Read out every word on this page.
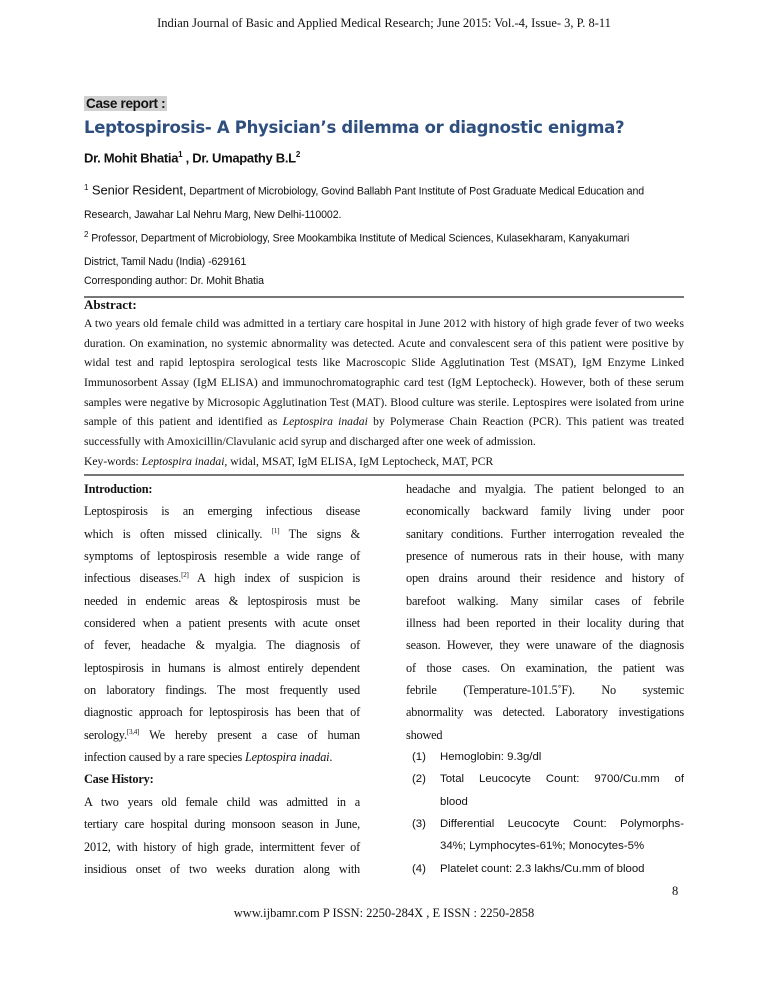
Indian Journal of Basic and Applied Medical Research; June 2015: Vol.-4, Issue- 3, P. 8-11
Case report :
Leptospirosis- A Physician’s dilemma or diagnostic enigma?
Dr. Mohit Bhatia$^1$ , Dr. Umapathy $B.L^2$
$^1$ Senior Resident, Department of Microbiology, Govind Ballabh Pant Institute of Post Graduate Medical Education and
Research, Jawahar Lal Nehru Marg, New Delhi-110002.
$^2$ Professor, Department of Microbiology, Sree Mookambika Institute of Medical Sciences, Kulasekharam, Kanyakumari
District, Tamil Nadu (India) -629161
Corresponding author: Dr. Mohit Bhatia
Abstract:
A two years old female child was admitted in a tertiary care hospital in June 2012 with history of high grade fever of two weeks
duration. On examination, no systemic abnormality was detected. Acute and convalescent sera of this patient were positive by
widal test and rapid leptospira serological tests like Macroscopic Slide Agglutination Test (MSAT), IgM Enzyme Linked
Immunosorbent Assay (IgM ELISA) and immunochromatographic card test (IgM Leptocheck). However, both of these serum
samples were negative by Microsopic Agglutination Test (MAT). Blood culture was sterile. Leptospires were isolated from urine
sample of this patient and identified as Leptospira inadai by Polymerase Chain Reaction (PCR). This patient was treated
successfully with Amoxicillin/Clavulanic acid syrup and discharged after one week of admission.
Key-words: Leptospira inadai, widal, MSAT, IgM ELISA, IgM Leptocheck, MAT, PCR
Introduction:
Leptospirosis is an emerging infectious disease
which is often missed clinically. [1] The signs &
symptoms of leptospirosis resemble a wide range of
infectious diseases.[2] A high index of suspicion is
needed in endemic areas & leptospirosis must be
considered when a patient presents with acute onset
of fever, headache & myalgia. The diagnosis of
leptospirosis in humans is almost entirely dependent
on laboratory findings. The most frequently used
diagnostic approach for leptospirosis has been that of
serology.[3,4] We hereby present a case of human
infection caused by a rare species Leptospira inadai.
Case History:
A two years old female child was admitted in a
tertiary care hospital during monsoon season in June,
2012, with history of high grade, intermittent fever of
insidious onset of two weeks duration along with
headache and myalgia. The patient belonged to an
economically backward family living under poor
sanitary conditions. Further interrogation revealed the
presence of numerous rats in their house, with many
open drains around their residence and history of
barefoot walking. Many similar cases of febrile
illness had been reported in their locality during that
season. However, they were unaware of the diagnosis
of those cases. On examination, the patient was
febrile (Temperature-101.5˚F). No systemic
abnormality was detected. Laboratory investigations
showed
(1) Hemoglobin: 9.3g/dl
(2) Total Leucocyte Count: 9700/Cu.mm of
blood
(3) Differential Leucocyte Count: Polymorphs-
34%; Lymphocytes-61%; Monocytes-5%
(4) Platelet count: 2.3 lakhs/Cu.mm of blood
8
www.ijbamr.com P ISSN: 2250-284X , E ISSN : 2250-2858
